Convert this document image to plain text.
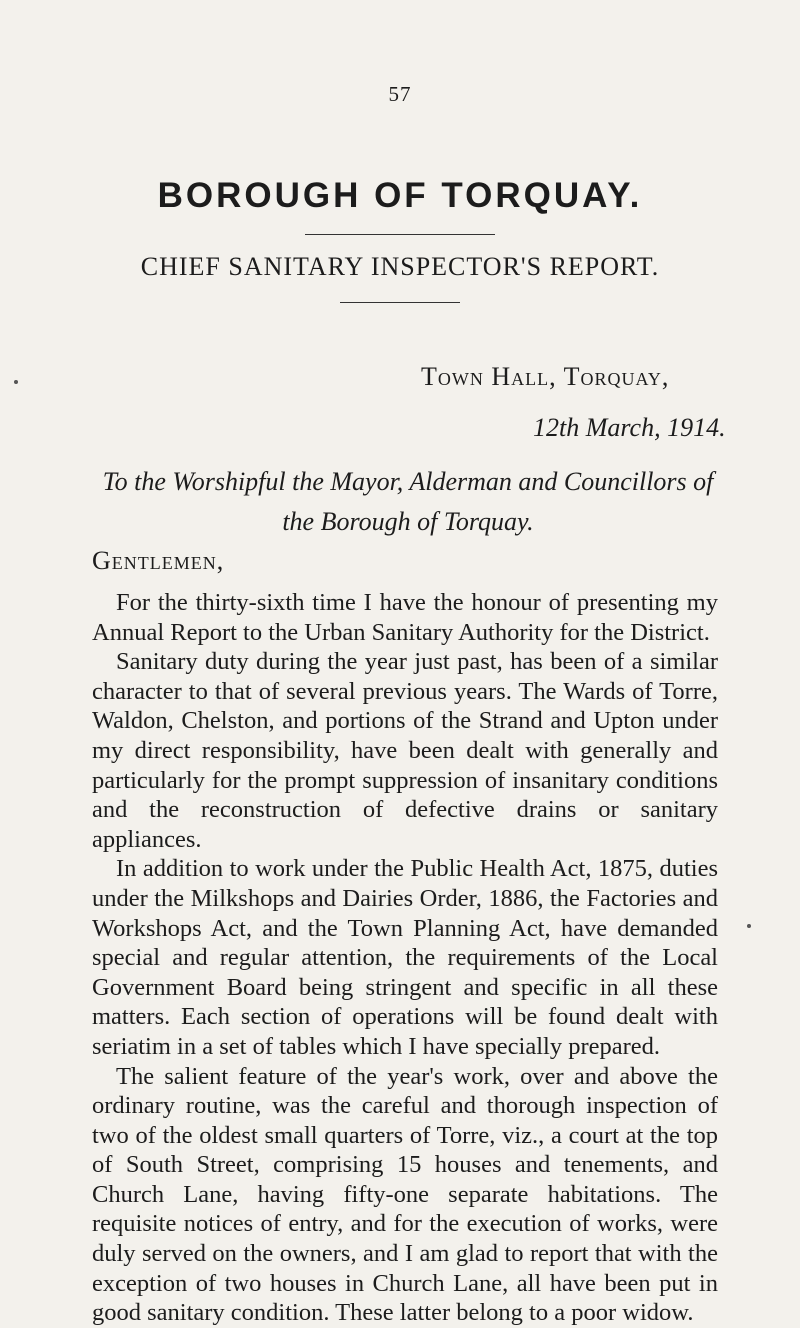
57
BOROUGH OF TORQUAY.
CHIEF SANITARY INSPECTOR'S REPORT.
Town Hall, Torquay,
12th March, 1914.
To the Worshipful the Mayor, Alderman and Councillors of the Borough of Torquay.
Gentlemen,

For the thirty-sixth time I have the honour of presenting my Annual Report to the Urban Sanitary Authority for the District.

Sanitary duty during the year just past, has been of a similar character to that of several previous years. The Wards of Torre, Waldon, Chelston, and portions of the Strand and Upton under my direct responsibility, have been dealt with generally and particularly for the prompt suppression of insanitary conditions and the reconstruction of defective drains or sanitary appliances.

In addition to work under the Public Health Act, 1875, duties under the Milkshops and Dairies Order, 1886, the Factories and Workshops Act, and the Town Planning Act, have demanded special and regular attention, the requirements of the Local Government Board being stringent and specific in all these matters. Each section of operations will be found dealt with seriatim in a set of tables which I have specially prepared.

The salient feature of the year's work, over and above the ordinary routine, was the careful and thorough inspection of two of the oldest small quarters of Torre, viz., a court at the top of South Street, comprising 15 houses and tenements, and Church Lane, having fifty-one separate habitations. The requisite notices of entry, and for the execution of works, were duly served on the owners, and I am glad to report that with the exception of two houses in Church Lane, all have been put in good sanitary condition. These latter belong to a poor widow.
